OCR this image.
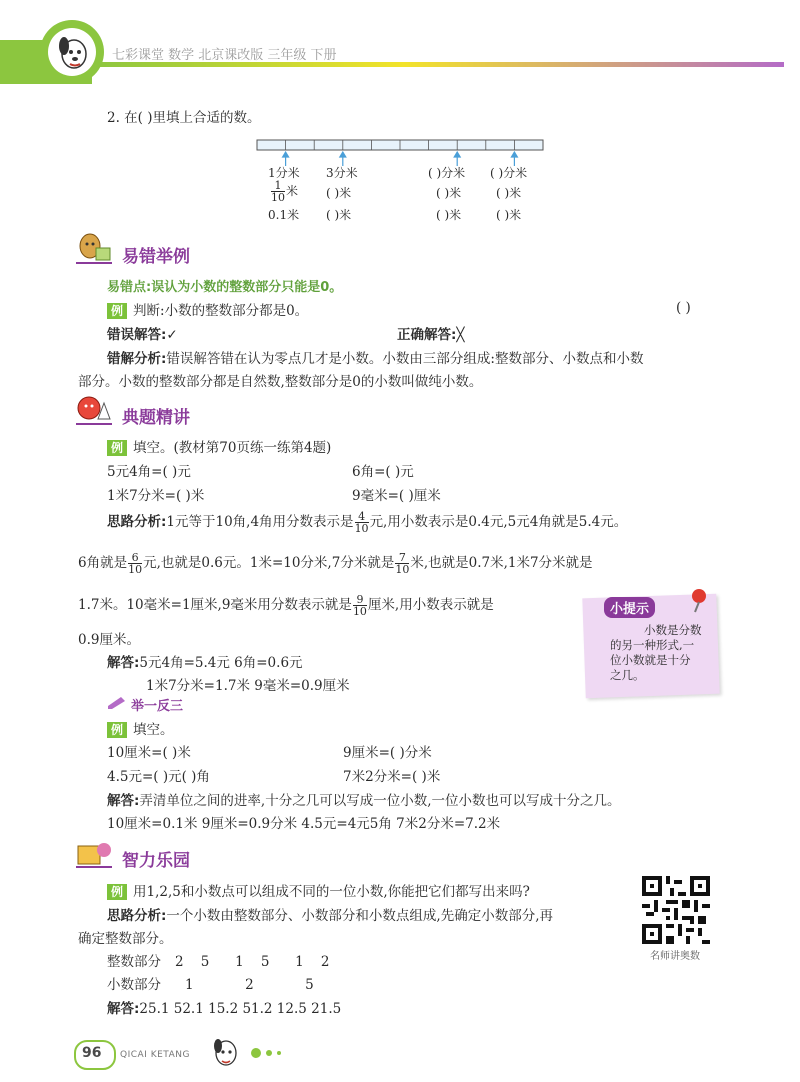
七彩课堂 数学 北京课改版 三年级 下册
2. 在( )里填上合适的数。
1分米 3分米	( )分米 ( )分米
$\frac{1}{10}$ 米 ( )米	( )米	( )米
0.1米 ( )米	( )米	( )米
易错举例
易错点:误认为小数的整数部分只能是0。
例 判断:小数的整数部分都是0。	( )
错误解答:✓	正确解答:╳
错解分析:错误解答错在认为零点几才是小数。小数由三部分组成:整数部分、小数点和小数
部分。小数的整数部分都是自然数,整数部分是0的小数叫做纯小数。
典题精讲
例 填空。(教材第70页练一练第4题)
5元4角=( )元	6角=( )元
1米7分米=( )米	9毫米=( )厘米
思路分析:1元等于10角,4角用分数表示是 $\frac{4}{10}$ 元,用小数表示是0.4元,5元4角就是5.4元。
6角就是 $\frac{6}{10}$ 元,也就是0.6元。1米=10分米,7分米就是 $\frac{7}{10}$ 米,也就是0.7米,1米7分米就是
1.7米。10毫米=1厘米,9毫米用分数表示就是 $\frac{9}{10}$ 厘米,用小数表示就是
0.9厘米。
解答:5元4角=5.4元 6角=0.6元
1米7分米=1.7米 9毫米=0.9厘米
小提示
小数是分数
的另一种形式,一
位小数就是十分
之几。
举一反三
例 填空。
10厘米=( )米	9厘米=( )分米
4.5元=( )元( )角	7米2分米=( )米
解答:弄清单位之间的进率,十分之几可以写成一位小数,一位小数也可以写成十分之几。
10厘米=0.1米 9厘米=0.9分米 4.5元=4元5角 7米2分米=7.2米
智力乐园
例 用1,2,5和小数点可以组成不同的一位小数,你能把它们都写出来吗?
思路分析:一个小数由整数部分、小数部分和小数点组成,先确定小数部分,再
确定整数部分。
整数部分 2    5      1    5      1    2
小数部分 1            2            5
解答:25.1 52.1 15.2 51.2 12.5 21.5
名师讲奥数
96 QICAI KETANG
